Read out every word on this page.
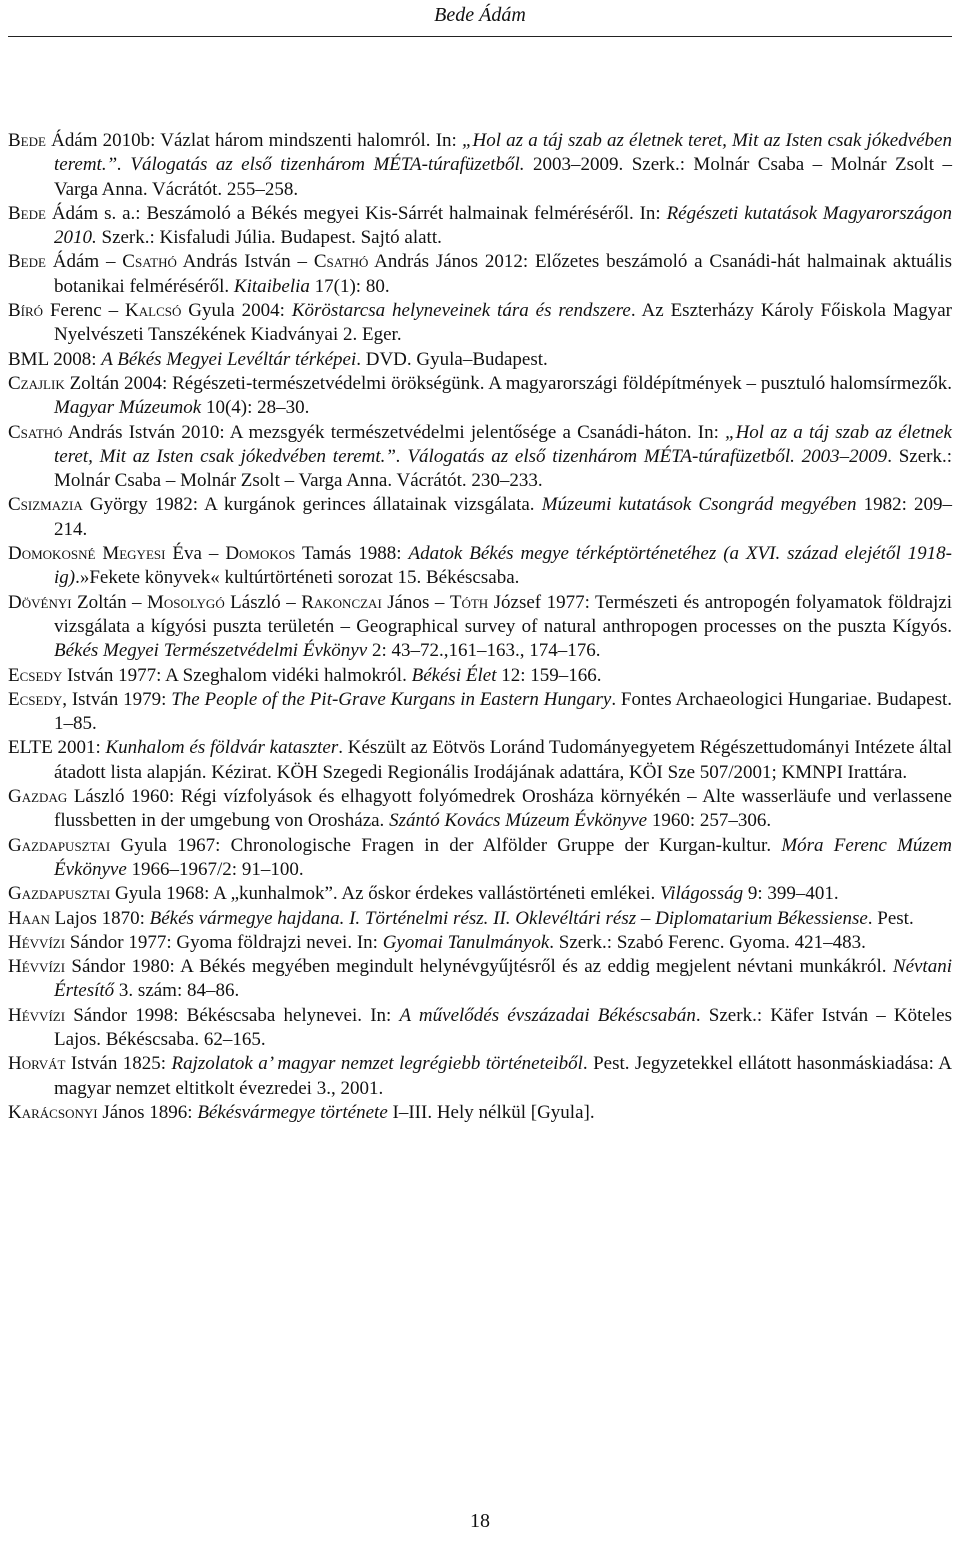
Bede Ádám
Bede Ádám 2010b: Vázlat három mindszenti halomról. In: „Hol az a táj szab az életnek teret, Mit az Isten csak jókedvében teremt.”. Válogatás az első tizenhárom MÉTA-túrafüzetből. 2003–2009. Szerk.: Molnár Csaba – Molnár Zsolt – Varga Anna. Vácrátót. 255–258.
Bede Ádám s. a.: Beszámoló a Békés megyei Kis-Sárrét halmainak felméréséről. In: Régészeti kutatások Magyarországon 2010. Szerk.: Kisfaludi Júlia. Budapest. Sajtó alatt.
Bede Ádám – Csathó András István – Csathó András János 2012: Előzetes beszámoló a Csanádi-hát halmainak aktuális botanikai felméréséről. Kitaibelia 17(1): 80.
Bíró Ferenc – Kalcsó Gyula 2004: Köröstarcsa helyneveinek tára és rendszere. Az Eszterházy Károly Főiskola Magyar Nyelvészeti Tanszékének Kiadványai 2. Eger.
BML 2008: A Békés Megyei Levéltár térképei. DVD. Gyula–Budapest.
Czajlik Zoltán 2004: Régészeti-természetvédelmi örökségünk. A magyarországi földépítmények – pusztuló halomsírmezők. Magyar Múzeumok 10(4): 28–30.
Csathó András István 2010: A mezsgyék természetvédelmi jelentősége a Csanádi-háton. In: „Hol az a táj szab az életnek teret, Mit az Isten csak jókedvében teremt.”. Válogatás az első tizenhárom MÉTA-túrafüzetből. 2003–2009. Szerk.: Molnár Csaba – Molnár Zsolt – Varga Anna. Vácrátót. 230–233.
Csizmazia György 1982: A kurgánok gerinces állatainak vizsgálata. Múzeumi kutatások Csongrád megyében 1982: 209–214.
Domokosné Megyesi Éva – Domokos Tamás 1988: Adatok Békés megye térképtörténetéhez (a XVI. század elejétől 1918-ig).»Fekete könyvek« kultúrtörténeti sorozat 15. Békéscsaba.
Dövényi Zoltán – Mosolygó László – Rakonczai János – Tóth József 1977: Természeti és antropogén folyamatok földrajzi vizsgálata a kígyósi puszta területén – Geographical survey of natural anthropogen processes on the puszta Kígyós. Békés Megyei Természetvédelmi Évkönyv 2: 43–72.,161–163., 174–176.
Ecsedy István 1977: A Szeghalom vidéki halmokról. Békési Élet 12: 159–166.
Ecsedy, István 1979: The People of the Pit-Grave Kurgans in Eastern Hungary. Fontes Archaeologici Hungariae. Budapest. 1–85.
ELTE 2001: Kunhalom és földvár kataszter. Készült az Eötvös Loránd Tudományegyetem Régészettudományi Intézete által átadott lista alapján. Kézirat. KÖH Szegedi Regionális Irodájának adattára, KÖI Sze 507/2001; KMNPI Irattára.
Gazdag László 1960: Régi vízfolyások és elhagyott folyómedrek Orosháza környékén – Alte wasserläufe und verlassene flussbetten in der umgebung von Orosháza. Szántó Kovács Múzeum Évkönyve 1960: 257–306.
Gazdapusztai Gyula 1967: Chronologische Fragen in der Alfölder Gruppe der Kurgan-kultur. Móra Ferenc Múzem Évkönyve 1966–1967/2: 91–100.
Gazdapusztai Gyula 1968: A „kunhalmok”. Az őskor érdekes vallástörténeti emlékei. Világosság 9: 399–401.
Haan Lajos 1870: Békés vármegye hajdana. I. Történelmi rész. II. Oklevéltári rész – Diplomatarium Békessiense. Pest.
Hévvízi Sándor 1977: Gyoma földrajzi nevei. In: Gyomai Tanulmányok. Szerk.: Szabó Ferenc. Gyoma. 421–483.
Hévvízi Sándor 1980: A Békés megyében megindult helynévgyűjtésről és az eddig megjelent névtani munkákról. Névtani Értesítő 3. szám: 84–86.
Hévvízi Sándor 1998: Békéscsaba helynevei. In: A művelődés évszázadai Békéscsabán. Szerk.: Käfer István – Köteles Lajos. Békéscsaba. 62–165.
Horvát István 1825: Rajzolatok a’ magyar nemzet legrégiebb történeteiből. Pest. Jegyzetekkel ellátott hasonmáskiadása: A magyar nemzet eltitkolt évezredei 3., 2001.
Karácsonyi János 1896: Békésvármegye története I–III. Hely nélkül [Gyula].
18
